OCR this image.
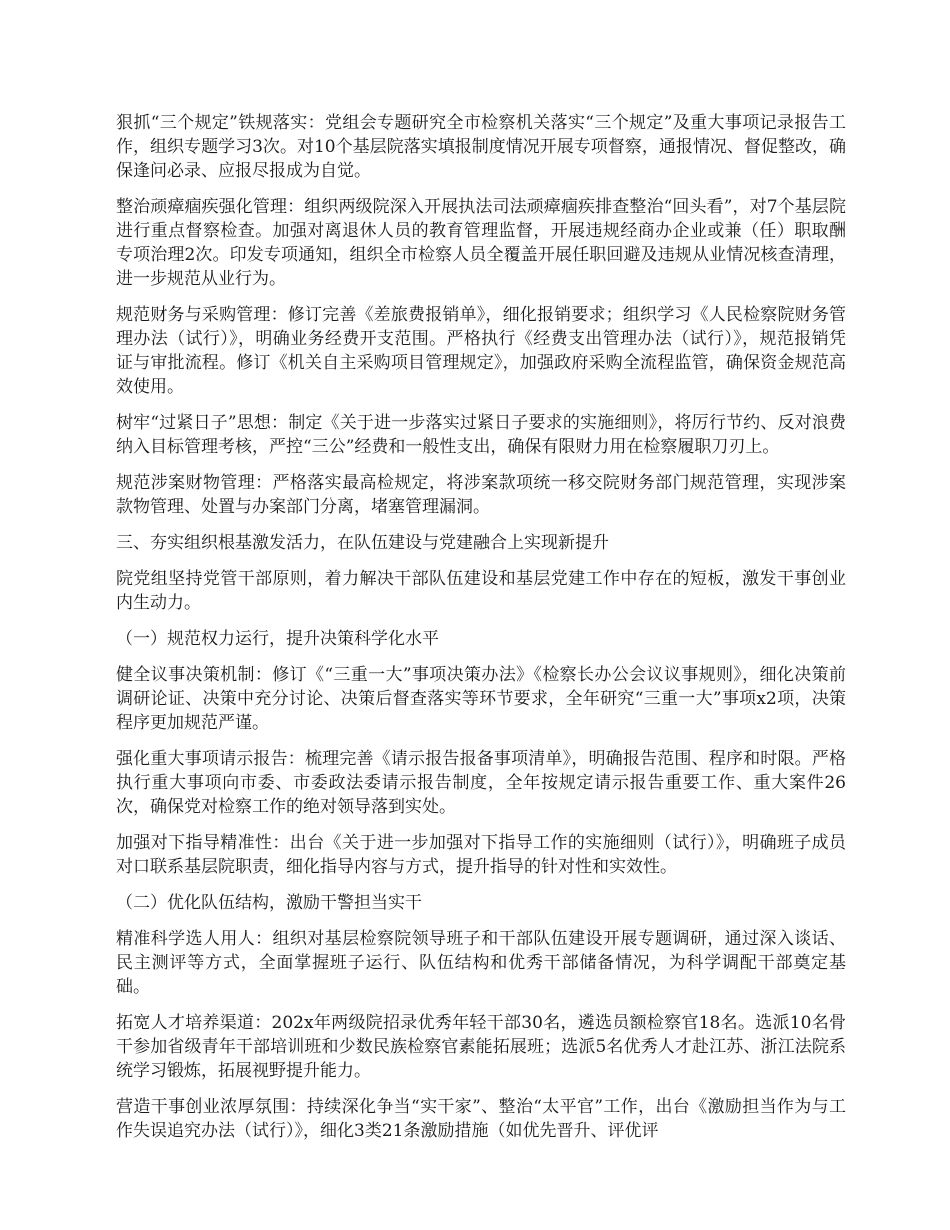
狠抓“三个规定”铁规落实：党组会专题研究全市检察机关落实“三个规定”及重大事项记录报告工作，组织专题学习3次。对10个基层院落实填报制度情况开展专项督察，通报情况、督促整改，确保逢问必录、应报尽报成为自觉。

整治顽瘴痼疾强化管理：组织两级院深入开展执法司法顽瘴痼疾排查整治“回头看”，对7个基层院进行重点督察检查。加强对离退休人员的教育管理监督，开展违规经商办企业或兼（任）职取酬专项治理2次。印发专项通知，组织全市检察人员全覆盖开展任职回避及违规从业情况核查清理，进一步规范从业行为。

规范财务与采购管理：修订完善《差旅费报销单》，细化报销要求；组织学习《人民检察院财务管理办法（试行）》，明确业务经费开支范围。严格执行《经费支出管理办法（试行）》，规范报销凭证与审批流程。修订《机关自主采购项目管理规定》，加强政府采购全流程监管，确保资金规范高效使用。

树牢“过紧日子”思想：制定《关于进一步落实过紧日子要求的实施细则》，将厉行节约、反对浪费纳入目标管理考核，严控“三公”经费和一般性支出，确保有限财力用在检察履职刀刃上。

规范涉案财物管理：严格落实最高检规定，将涉案款项统一移交院财务部门规范管理，实现涉案款物管理、处置与办案部门分离，堵塞管理漏洞。

三、夯实组织根基激发活力，在队伍建设与党建融合上实现新提升

院党组坚持党管干部原则，着力解决干部队伍建设和基层党建工作中存在的短板，激发干事创业内生动力。

（一）规范权力运行，提升决策科学化水平

健全议事决策机制：修订《“三重一大”事项决策办法》《检察长办公会议议事规则》，细化决策前调研论证、决策中充分讨论、决策后督查落实等环节要求，全年研究“三重一大”事项x2项，决策程序更加规范严谨。

强化重大事项请示报告：梳理完善《请示报告报备事项清单》，明确报告范围、程序和时限。严格执行重大事项向市委、市委政法委请示报告制度，全年按规定请示报告重要工作、重大案件26次，确保党对检察工作的绝对领导落到实处。

加强对下指导精准性：出台《关于进一步加强对下指导工作的实施细则（试行）》，明确班子成员对口联系基层院职责，细化指导内容与方式，提升指导的针对性和实效性。

（二）优化队伍结构，激励干警担当实干

精准科学选人用人：组织对基层检察院领导班子和干部队伍建设开展专题调研，通过深入谈话、民主测评等方式，全面掌握班子运行、队伍结构和优秀干部储备情况，为科学调配干部奠定基础。

拓宽人才培养渠道：202x年两级院招录优秀年轻干部30名，遴选员额检察官18名。选派10名骨干参加省级青年干部培训班和少数民族检察官素能拓展班；选派5名优秀人才赴江苏、浙江法院系统学习锻炼，拓展视野提升能力。

营造干事创业浓厚氛围：持续深化争当“实干家”、整治“太平官”工作，出台《激励担当作为与工作失误追究办法（试行）》，细化3类21条激励措施（如优先晋升、评优评
